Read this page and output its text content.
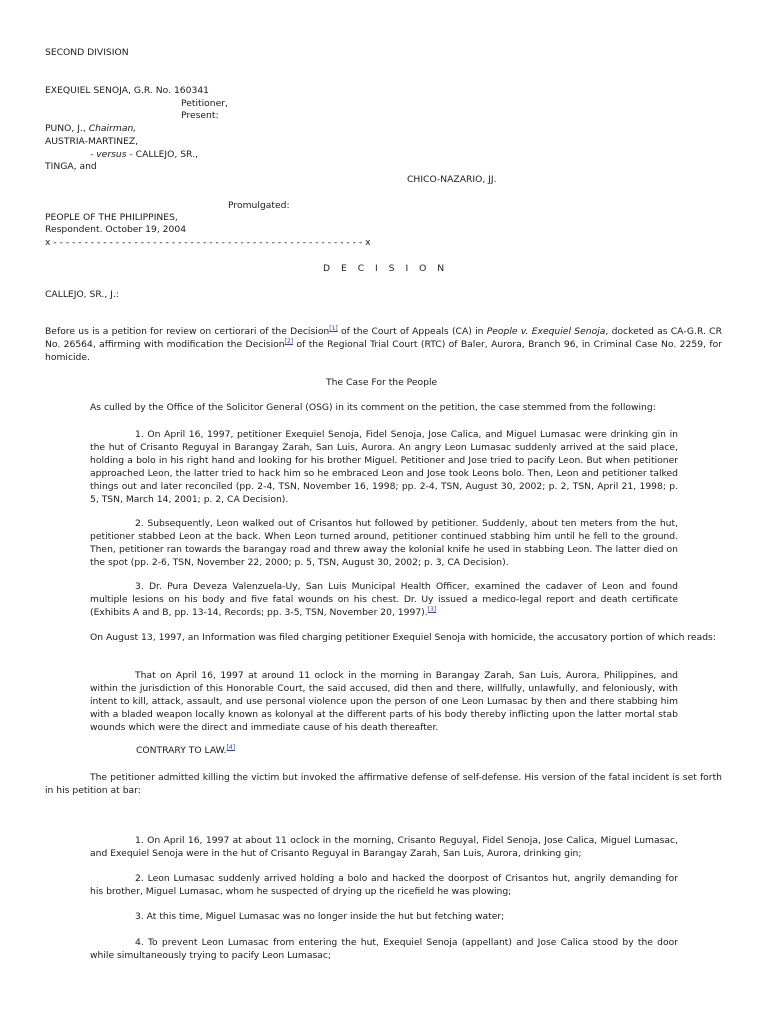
SECOND DIVISION
EXEQUIEL SENOJA, G.R. No. 160341
Petitioner,
Present:
PUNO, J., Chairman,
AUSTRIA-MARTINEZ,
- versus - CALLEJO, SR.,
TINGA, and
CHICO-NAZARIO, JJ.
Promulgated:
PEOPLE OF THE PHILIPPINES,
Respondent. October 19, 2004
x - - - - - - - - - - - - - - - - - - - - - - - - - - - - - - - - - - - - - - - - - - - - - - - - - - x
D E C I S I O N
CALLEJO, SR., J.:
Before us is a petition for review on certiorari of the Decision[1] of the Court of Appeals (CA) in People v. Exequiel Senoja, docketed as CA-G.R. CR No. 26564, affirming with modification the Decision[2] of the Regional Trial Court (RTC) of Baler, Aurora, Branch 96, in Criminal Case No. 2259, for homicide.
The Case For the People
As culled by the Office of the Solicitor General (OSG) in its comment on the petition, the case stemmed from the following:
1. On April 16, 1997, petitioner Exequiel Senoja, Fidel Senoja, Jose Calica, and Miguel Lumasac were drinking gin in the hut of Crisanto Reguyal in Barangay Zarah, San Luis, Aurora. An angry Leon Lumasac suddenly arrived at the said place, holding a bolo in his right hand and looking for his brother Miguel. Petitioner and Jose tried to pacify Leon. But when petitioner approached Leon, the latter tried to hack him so he embraced Leon and Jose took Leons bolo. Then, Leon and petitioner talked things out and later reconciled (pp. 2-4, TSN, November 16, 1998; pp. 2-4, TSN, August 30, 2002; p. 2, TSN, April 21, 1998; p. 5, TSN, March 14, 2001; p. 2, CA Decision).
2. Subsequently, Leon walked out of Crisantos hut followed by petitioner. Suddenly, about ten meters from the hut, petitioner stabbed Leon at the back. When Leon turned around, petitioner continued stabbing him until he fell to the ground. Then, petitioner ran towards the barangay road and threw away the kolonial knife he used in stabbing Leon. The latter died on the spot (pp. 2-6, TSN, November 22, 2000; p. 5, TSN, August 30, 2002; p. 3, CA Decision).
3. Dr. Pura Deveza Valenzuela-Uy, San Luis Municipal Health Officer, examined the cadaver of Leon and found multiple lesions on his body and five fatal wounds on his chest. Dr. Uy issued a medico-legal report and death certificate (Exhibits A and B, pp. 13-14, Records; pp. 3-5, TSN, November 20, 1997).[3]
On August 13, 1997, an Information was filed charging petitioner Exequiel Senoja with homicide, the accusatory portion of which reads:
That on April 16, 1997 at around 11 oclock in the morning in Barangay Zarah, San Luis, Aurora, Philippines, and within the jurisdiction of this Honorable Court, the said accused, did then and there, willfully, unlawfully, and feloniously, with intent to kill, attack, assault, and use personal violence upon the person of one Leon Lumasac by then and there stabbing him with a bladed weapon locally known as kolonyal at the different parts of his body thereby inflicting upon the latter mortal stab wounds which were the direct and immediate cause of his death thereafter.
CONTRARY TO LAW.[4]
The petitioner admitted killing the victim but invoked the affirmative defense of self-defense. His version of the fatal incident is set forth in his petition at bar:
1. On April 16, 1997 at about 11 oclock in the morning, Crisanto Reguyal, Fidel Senoja, Jose Calica, Miguel Lumasac, and Exequiel Senoja were in the hut of Crisanto Reguyal in Barangay Zarah, San Luis, Aurora, drinking gin;
2. Leon Lumasac suddenly arrived holding a bolo and hacked the doorpost of Crisantos hut, angrily demanding for his brother, Miguel Lumasac, whom he suspected of drying up the ricefield he was plowing;
3. At this time, Miguel Lumasac was no longer inside the hut but fetching water;
4. To prevent Leon Lumasac from entering the hut, Exequiel Senoja (appellant) and Jose Calica stood by the door while simultaneously trying to pacify Leon Lumasac;
